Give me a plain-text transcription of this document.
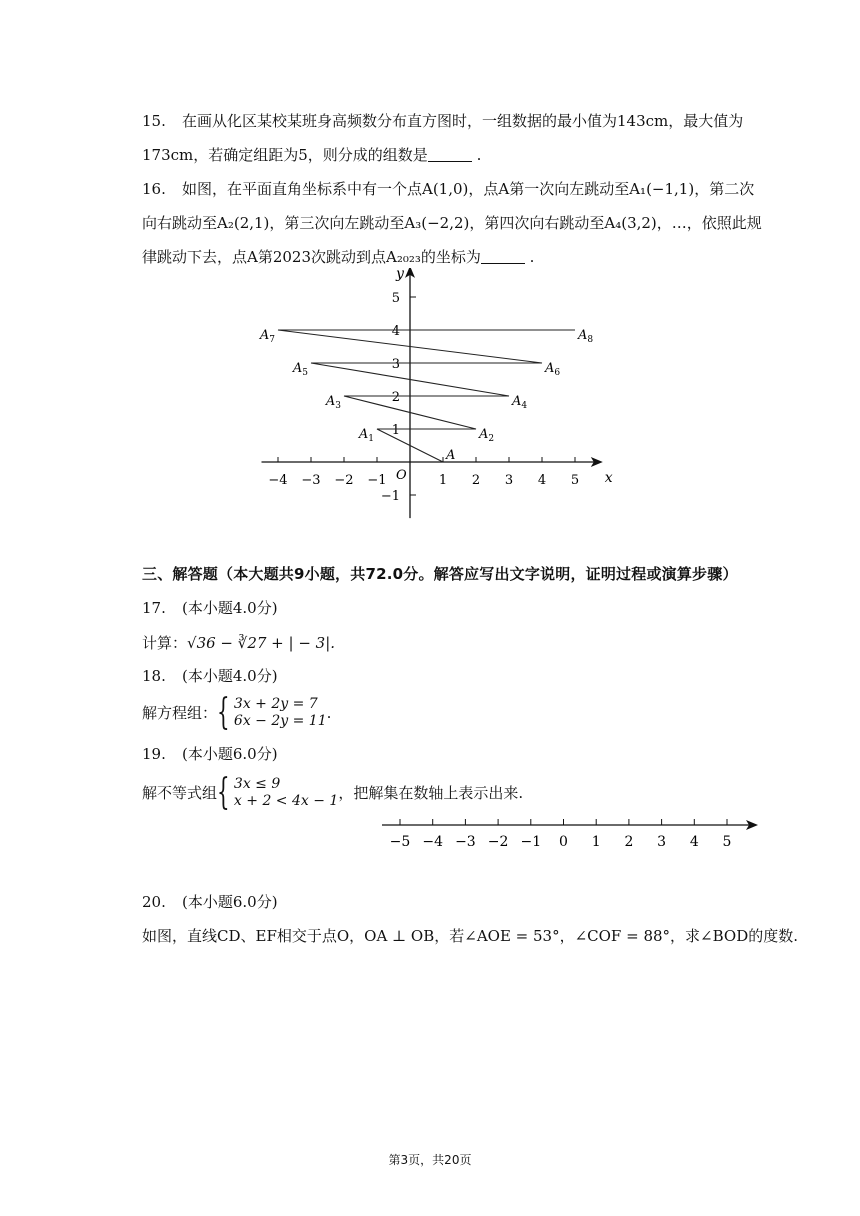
15. 在画从化区某校某班身高频数分布直方图时，一组数据的最小值为143cm，最大值为
173cm，若确定组距为5，则分成的组数是	.
16. 如图，在平面直角坐标系中有一个点A(1,0)，点A第一次向左跳动至A₁(−1,1)，第二次
向右跳动至A₂(2,1)，第三次向左跳动至A₃(−2,2)，第四次向右跳动至A₄(3,2)，…，依照此规
律跳动下去，点A第2023次跳动到点A₂₀₂₃的坐标为	.
x
y
O
−4 −3 −2 −1	1 2 3 4 5
−1
1
2
3
4
5
A
$A_1$	$A_2$
$A_3$	$A_4$
$A_5$	$A_6$
$A_7$	$A_8$
三、解答题（本大题共9小题，共72.0分。解答应写出文字说明，证明过程或演算步骤）
17. (本小题4.0分)
计算：√36 − ∛27 + | − 3|.
18. (本小题4.0分)
解方程组：{ 3x + 2y = 7
6x − 2y = 11.
19. (本小题6.0分)
解不等式组{ 3x ≤ 9
x + 2 < 4x − 1，把解集在数轴上表示出来.
−5 −4 −3 −2 −1 0 1 2 3 4 5
20. (本小题6.0分)
如图，直线CD、EF相交于点O，OA ⊥ OB，若∠AOE = 53°，∠COF = 88°，求∠BOD的度数.
第3页，共20页
